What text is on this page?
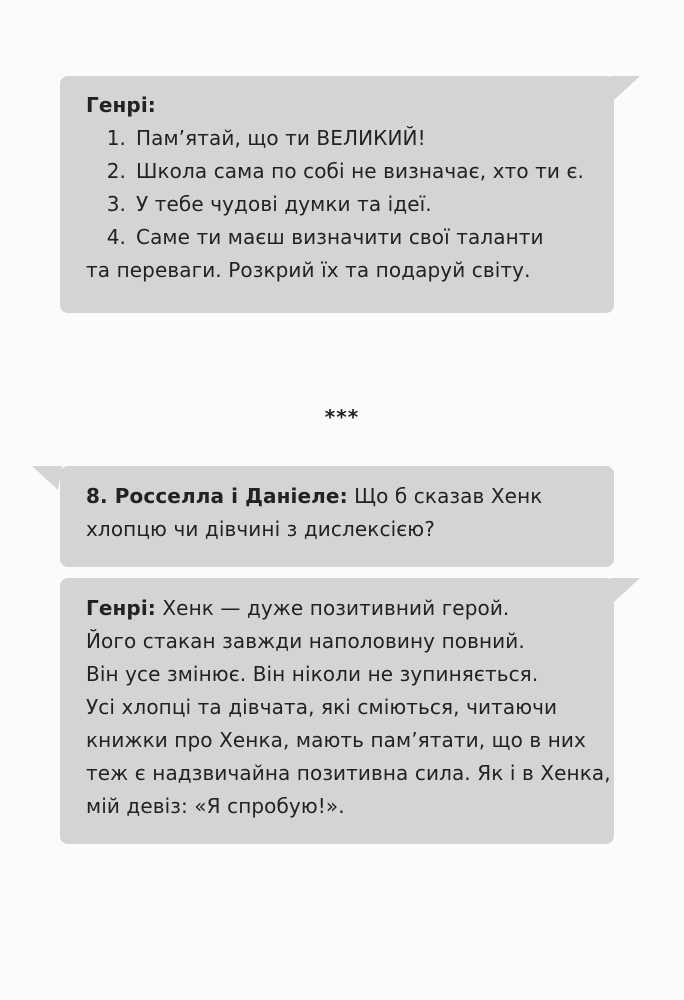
Генрі:
1. Пам’ятай, що ти ВЕЛИКИЙ!
2. Школа сама по собі не визначає, хто ти є.
3. У тебе чудові думки та ідеї.
4. Саме ти маєш визначити свої таланти
та переваги. Розкрий їх та подаруй світу.
***
8. Росселла і Даніеле: Що б сказав Хенк
хлопцю чи дівчині з дислексією?
Генрі: Хенк — дуже позитивний герой.
Його стакан завжди наполовину повний.
Він усе змінює. Він ніколи не зупиняється.
Усі хлопці та дівчата, які сміються, читаючи
книжки про Хенка, мають пам’ятати, що в них
теж є надзвичайна позитивна сила. Як і в Хенка,
мій девіз: «Я спробую!».
